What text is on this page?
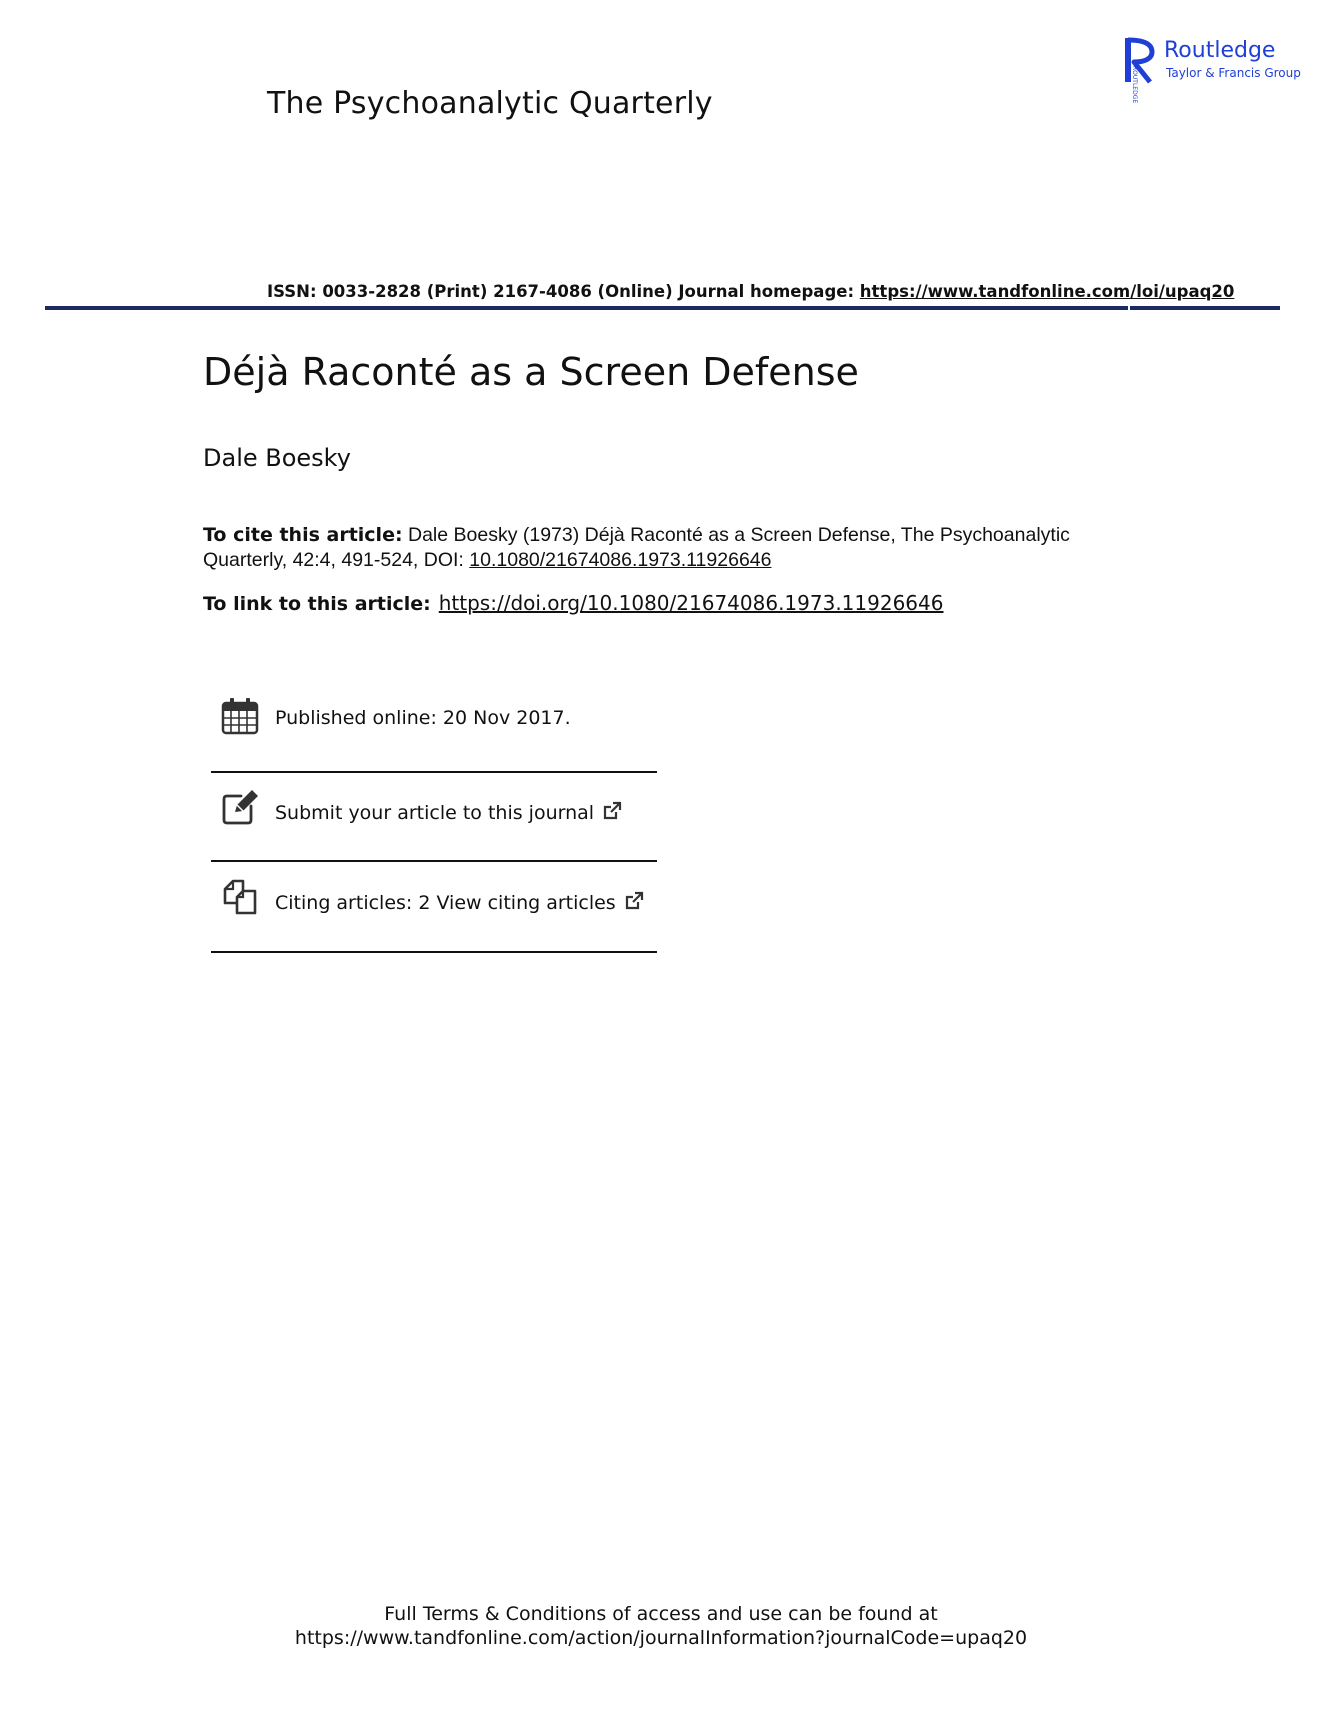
The Psychoanalytic Quarterly
ROUTLEDGE
Routledge
Taylor & Francis Group
ISSN: 0033-2828 (Print) 2167-4086 (Online) Journal homepage: https://www.tandfonline.com/loi/upaq20
Déjà Raconté as a Screen Defense
Dale Boesky
To cite this article: Dale Boesky (1973) Déjà Raconté as a Screen Defense, The Psychoanalytic Quarterly, 42:4, 491-524, DOI: 10.1080/21674086.1973.11926646
To link to this article: https://doi.org/10.1080/21674086.1973.11926646
Published online: 20 Nov 2017.
Submit your article to this journal
Citing articles: 2 View citing articles
Full Terms & Conditions of access and use can be found at
https://www.tandfonline.com/action/journalInformation?journalCode=upaq20
